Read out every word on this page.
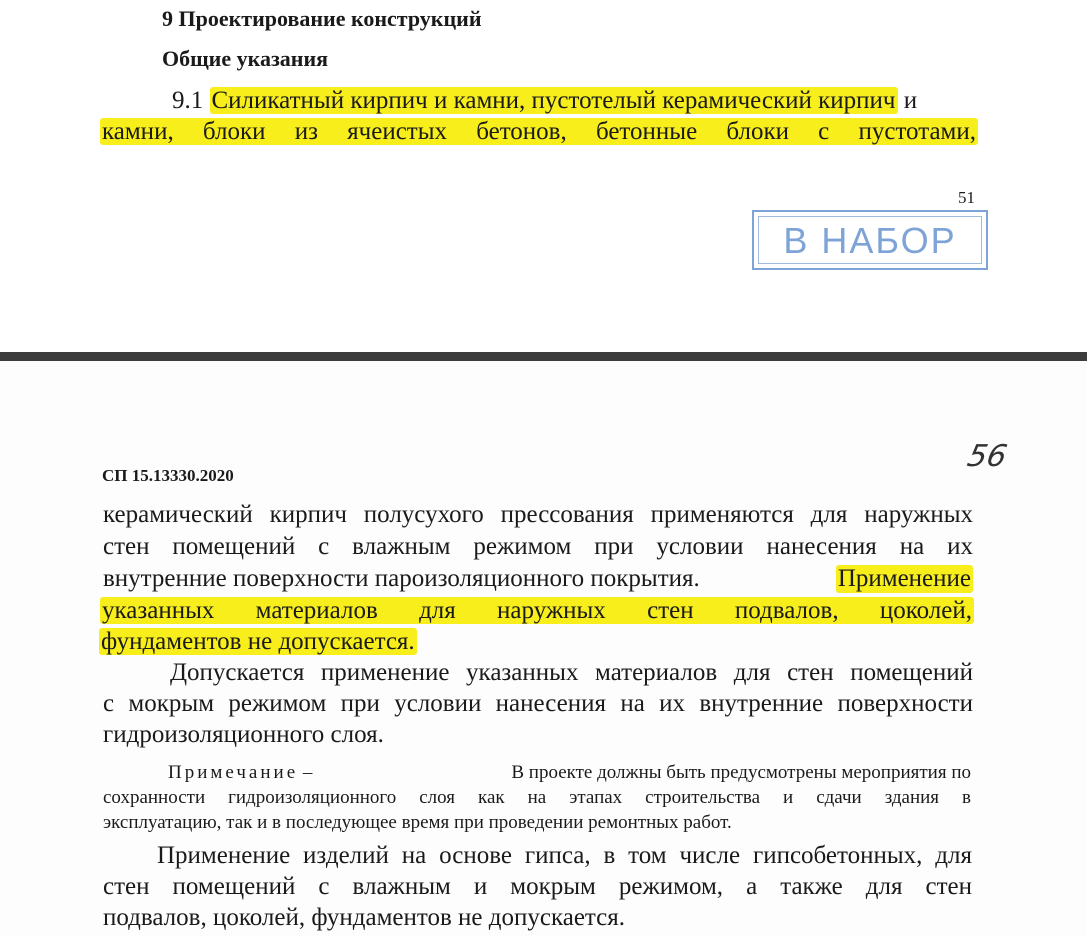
9 Проектирование конструкций
Общие указания
9.1 Силикатный кирпич и камни, пустотелый керамический кирпич и
камни, блоки из ячеистых бетонов, бетонные блоки с пустотами,
51
В НАБОР
СП 15.13330.2020
56
керамический кирпич полусухого прессования применяются для наружных
стен помещений с влажным режимом при условии нанесения на их
внутренние поверхности пароизоляционного покрытия.	Применение
указанных материалов для наружных стен подвалов, цоколей,
фундаментов не допускается.
Допускается применение указанных материалов для стен помещений
с мокрым режимом при условии нанесения на их внутренние поверхности
гидроизоляционного слоя.
Примечание –	В проекте должны быть предусмотрены мероприятия по
сохранности гидроизоляционного слоя как на этапах строительства и сдачи здания в
эксплуатацию, так и в последующее время при проведении ремонтных работ.
Применение изделий на основе гипса, в том числе гипсобетонных, для
стен помещений с влажным и мокрым режимом, а также для стен
подвалов, цоколей, фундаментов не допускается.
